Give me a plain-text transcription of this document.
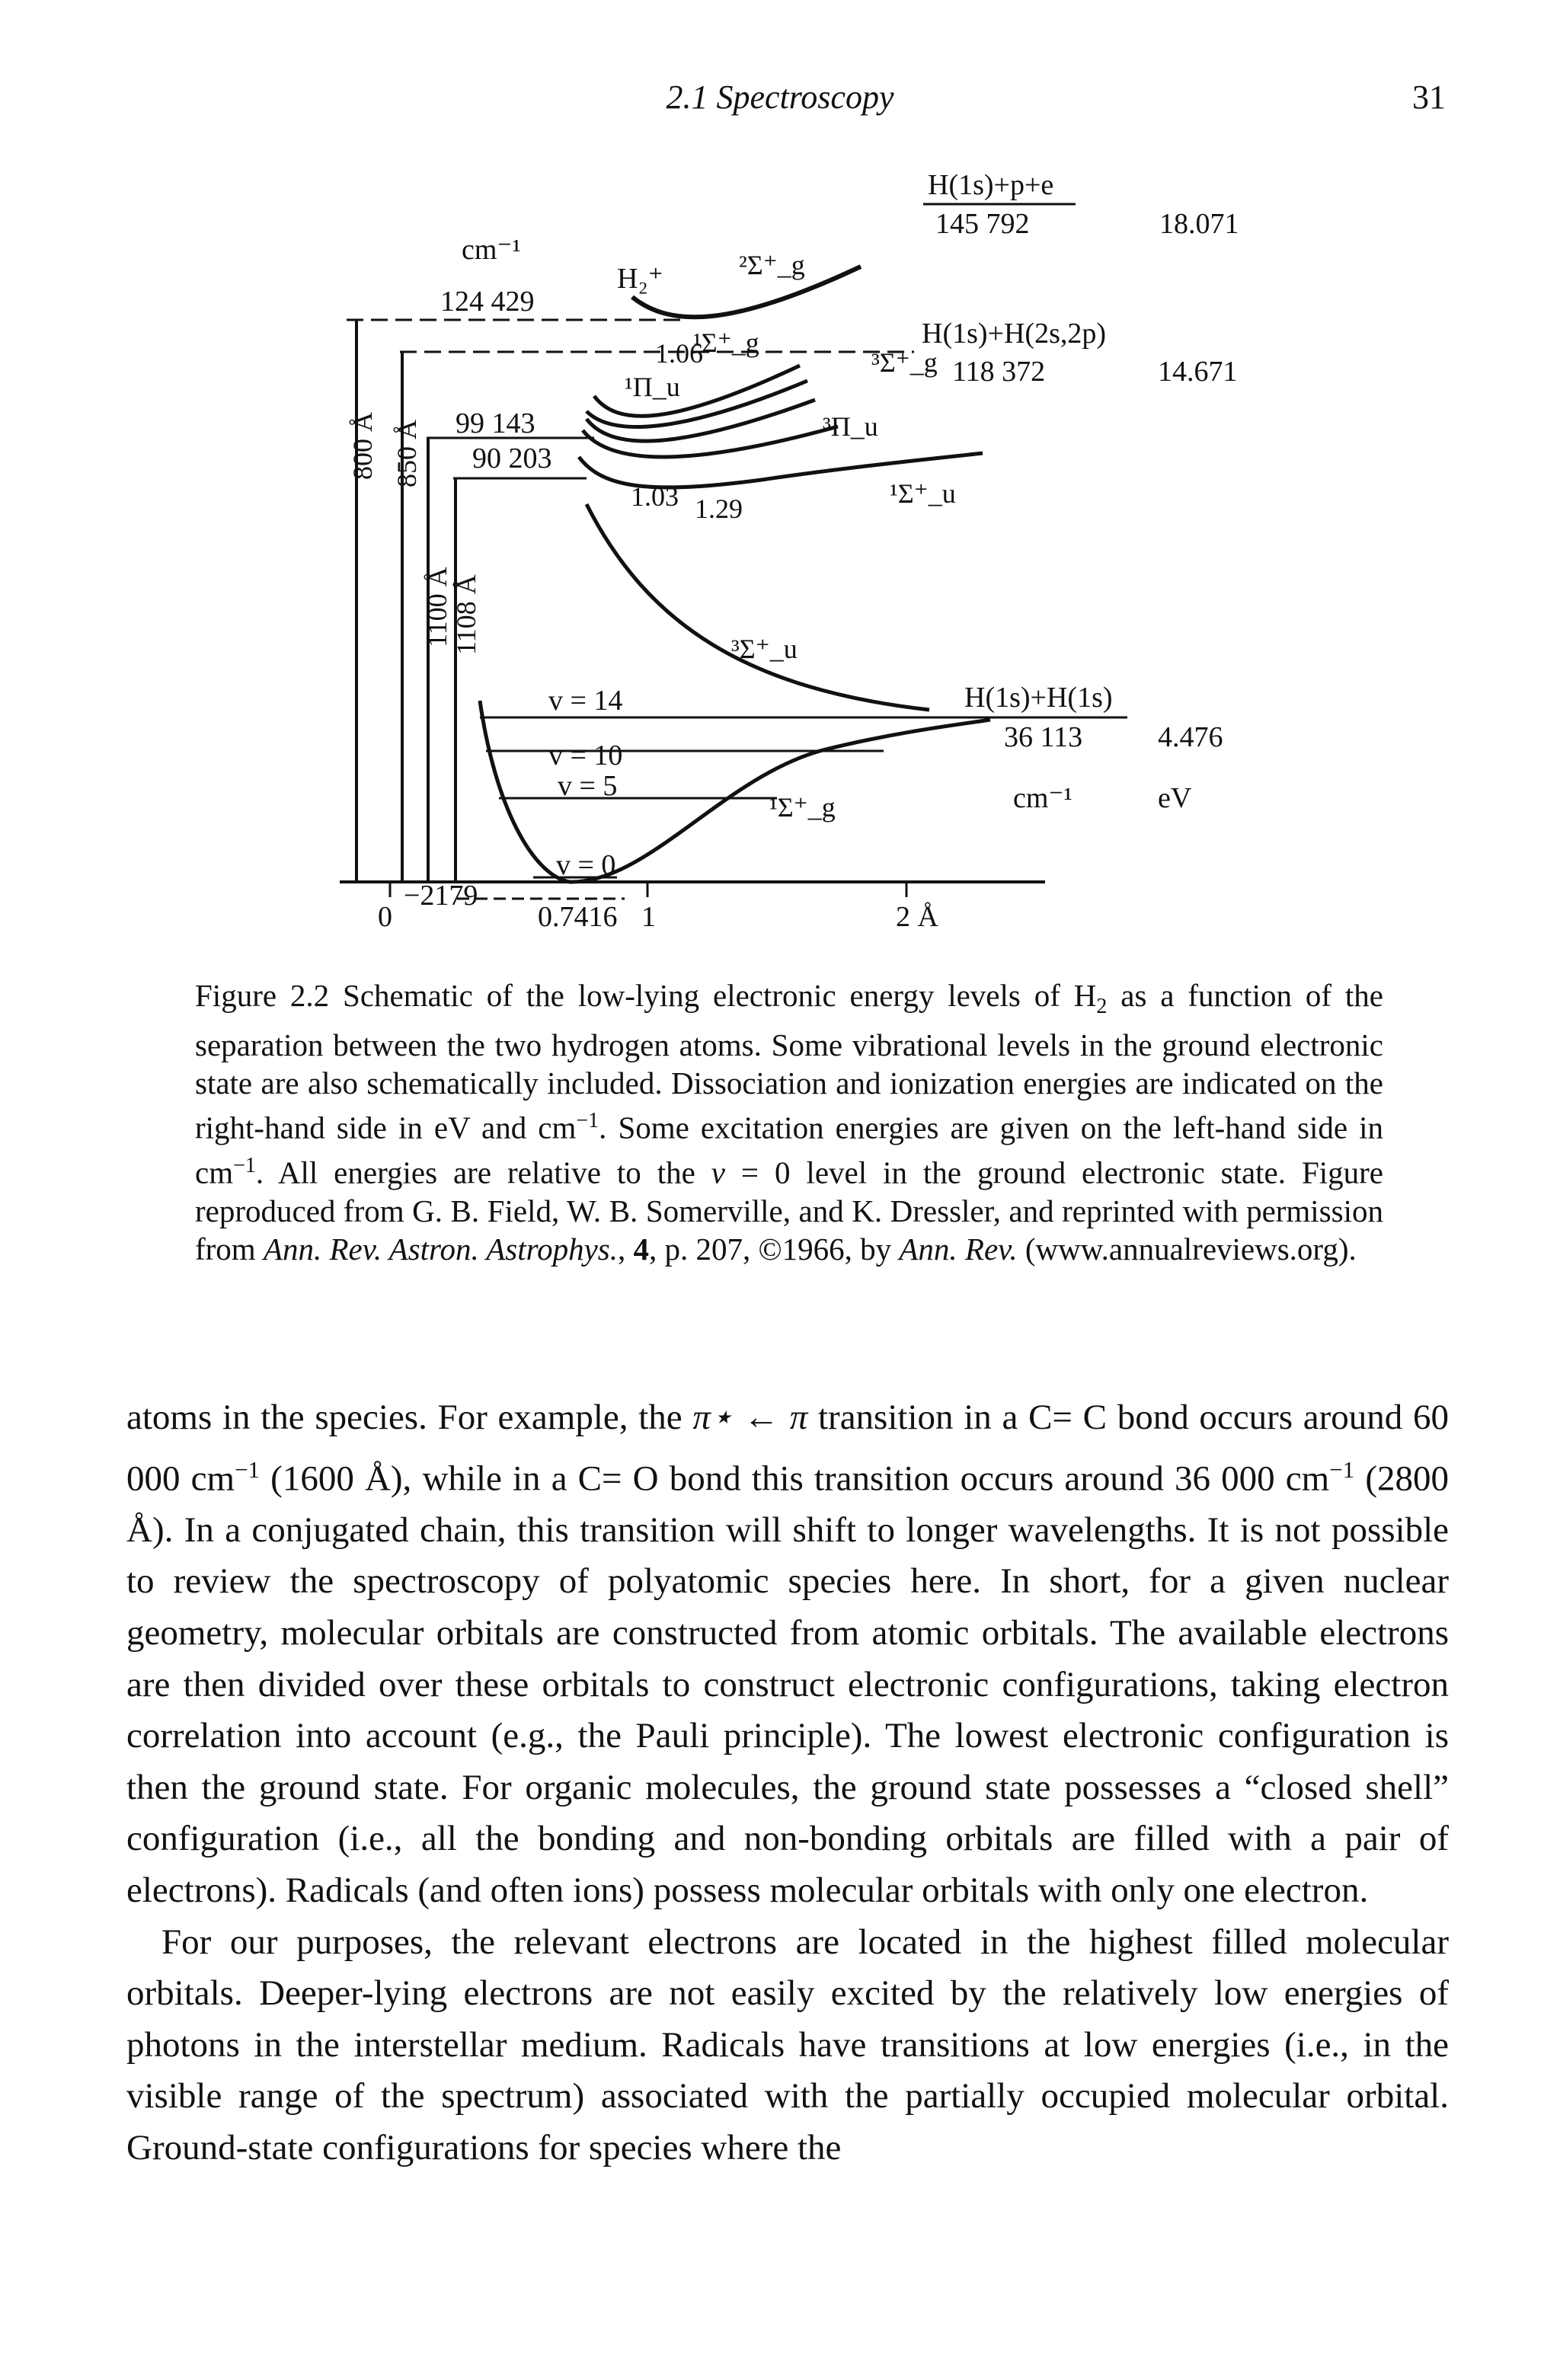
2.1 Spectroscopy	31
cm⁻¹
124 429
99 143
90 203
−2179
800 Å 850 Å
1100 Å
1108 Å
H(1s)+p+e
145 792	18.071
H(1s)+H(2s,2p)
118 372	14.671
H(1s)+H(1s)
36 113	4.476
cm⁻¹	eV
H₂⁺	²Σ⁺_g
¹Σ⁺_g
¹Π_u
³Σ⁺_g
³Π_u
¹Σ⁺_u
³Σ⁺_u
¹Σ⁺_g
1.06
1.03 1.29
v = 14
v = 10
v = 5
v = 0
0	0.7416 1	2 Å
Figure 2.2 Schematic of the low-lying electronic energy levels of $H_2$ as a function of the separation between the two hydrogen atoms. Some vibrational levels in the ground electronic state are also schematically included. Dissociation and ionization energies are indicated on the right-hand side in eV and $cm^{-1}$. Some excitation energies are given on the left-hand side in $cm^{-1}$. All energies are relative to the v = 0 level in the ground electronic state. Figure reproduced from G. B. Field, W. B. Somerville, and K. Dressler, and reprinted with permission from Ann. Rev. Astron. Astrophys., 4, p. 207, ©1966, by Ann. Rev. (www.annualreviews.org).

atoms in the species. For example, the π⋆ ← π transition in a C= C bond occurs around 60 000 $cm^{-1}$ (1600 Å), while in a C= O bond this transition occurs around 36 000 $cm^{-1}$ (2800 Å). In a conjugated chain, this transition will shift to longer wavelengths. It is not possible to review the spectroscopy of polyatomic species here. In short, for a given nuclear geometry, molecular orbitals are constructed from atomic orbitals. The available electrons are then divided over these orbitals to construct electronic configurations, taking electron correlation into account (e.g., the Pauli principle). The lowest electronic configuration is then the ground state. For organic molecules, the ground state possesses a “closed shell” configuration (i.e., all the bonding and non-bonding orbitals are filled with a pair of electrons). Radicals (and often ions) possess molecular orbitals with only one electron.

For our purposes, the relevant electrons are located in the highest filled molecular orbitals. Deeper-lying electrons are not easily excited by the relatively low energies of photons in the interstellar medium. Radicals have transitions at low energies (i.e., in the visible range of the spectrum) associated with the partially occupied molecular orbital. Ground-state configurations for species where the
